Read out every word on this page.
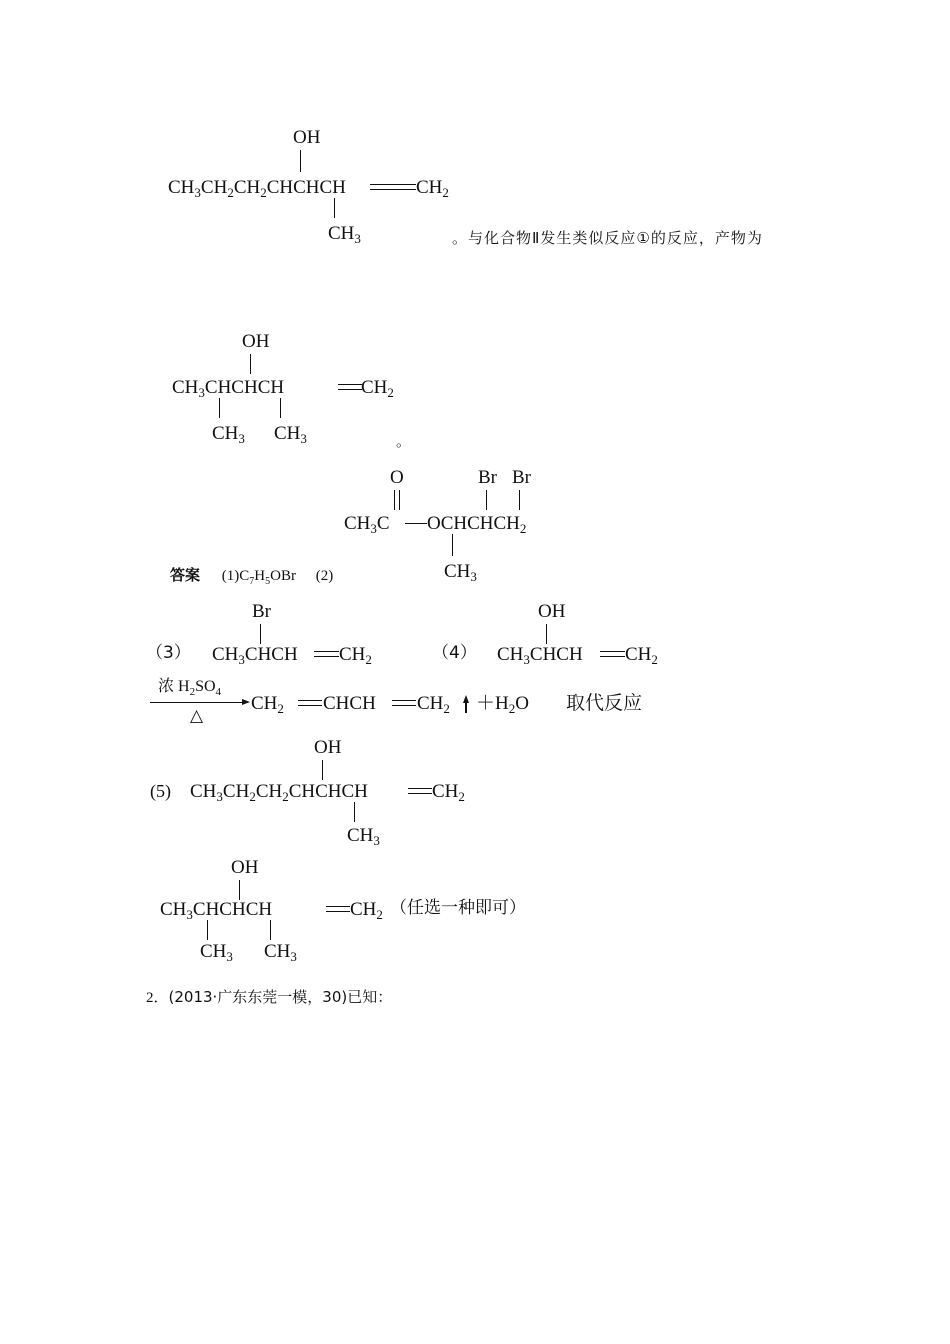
OH
$CH_3CH_2CH_2CHCHCH$	$CH_2$
$CH_3$	。与化合物Ⅱ发生类似反应①的反应，产物为
OH
$CH_3CHCHCH$	$CH_2$
$CH_3$ $CH_3$	。
O	Br Br
$CH_3C$ $OCHCHCH_2$
$CH_3$
答案 $(1)C_7H_5OBr$ (2)
（3）
Br
$CH_3CHCH$ $CH_2$	（4）
OH
$CH_3CHCH$ $CH_2$
浓 $H_2SO_4$
△
$CH_2$ CHCH $CH_2 +H_2O$ 取代反应
(5)
OH
$CH_3CH_2CH_2CHCHCH$	$CH_2$
$CH_3$
OH
$CH_3CHCHCH$	$CH_2$ （任选一种即可）
$CH_3$ $CH_3$
2．(2013·广东东莞一模，30)已知：
